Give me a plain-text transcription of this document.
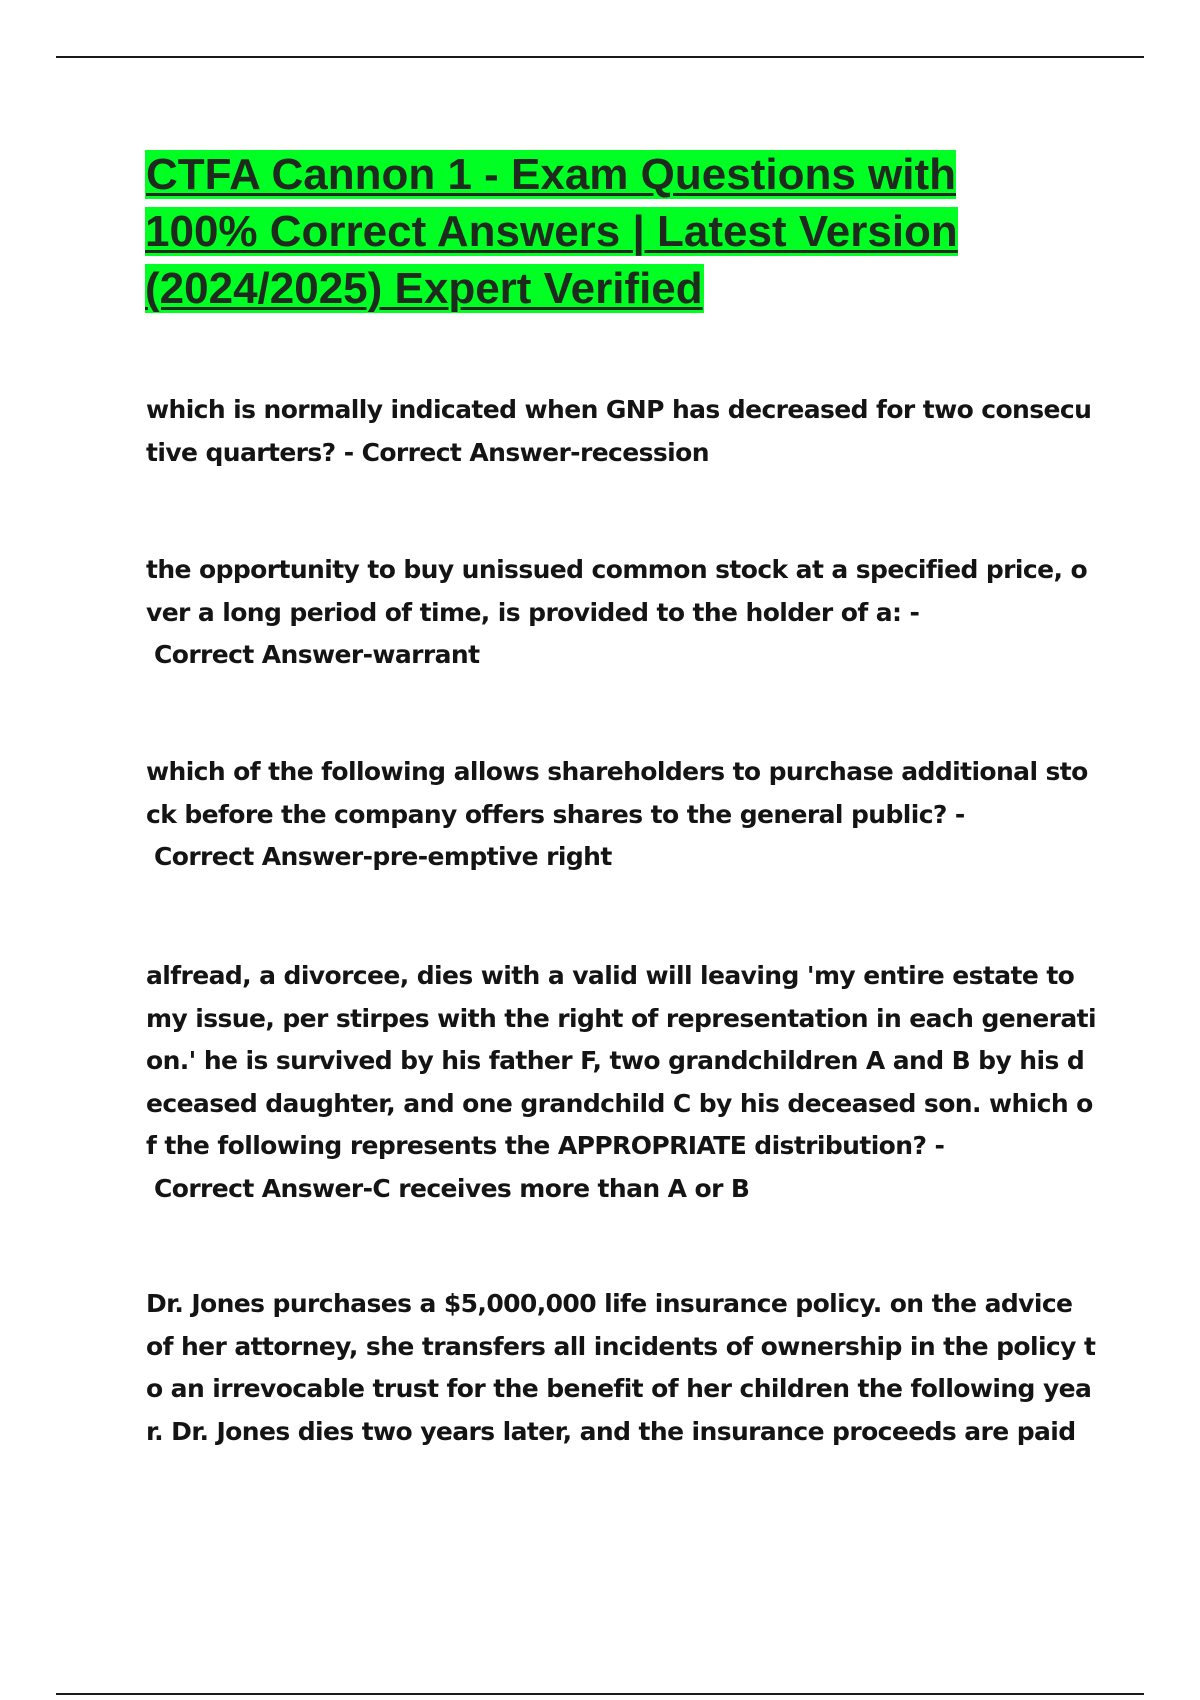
CTFA Cannon 1 - Exam Questions with 100% Correct Answers | Latest Version (2024/2025) Expert Verified

which is normally indicated when GNP has decreased for two consecu
tive quarters? - Correct Answer-recession

the opportunity to buy unissued common stock at a specified price, o
ver a long period of time, is provided to the holder of a: -
Correct Answer-warrant

which of the following allows shareholders to purchase additional sto
ck before the company offers shares to the general public? -
Correct Answer-pre-emptive right

alfread, a divorcee, dies with a valid will leaving 'my entire estate to
my issue, per stirpes with the right of representation in each generati
on.' he is survived by his father F, two grandchildren A and B by his d
eceased daughter, and one grandchild C by his deceased son. which o
f the following represents the APPROPRIATE distribution? -
Correct Answer-C receives more than A or B

Dr. Jones purchases a $5,000,000 life insurance policy. on the advice
of her attorney, she transfers all incidents of ownership in the policy t
o an irrevocable trust for the benefit of her children the following yea
r. Dr. Jones dies two years later, and the insurance proceeds are paid
